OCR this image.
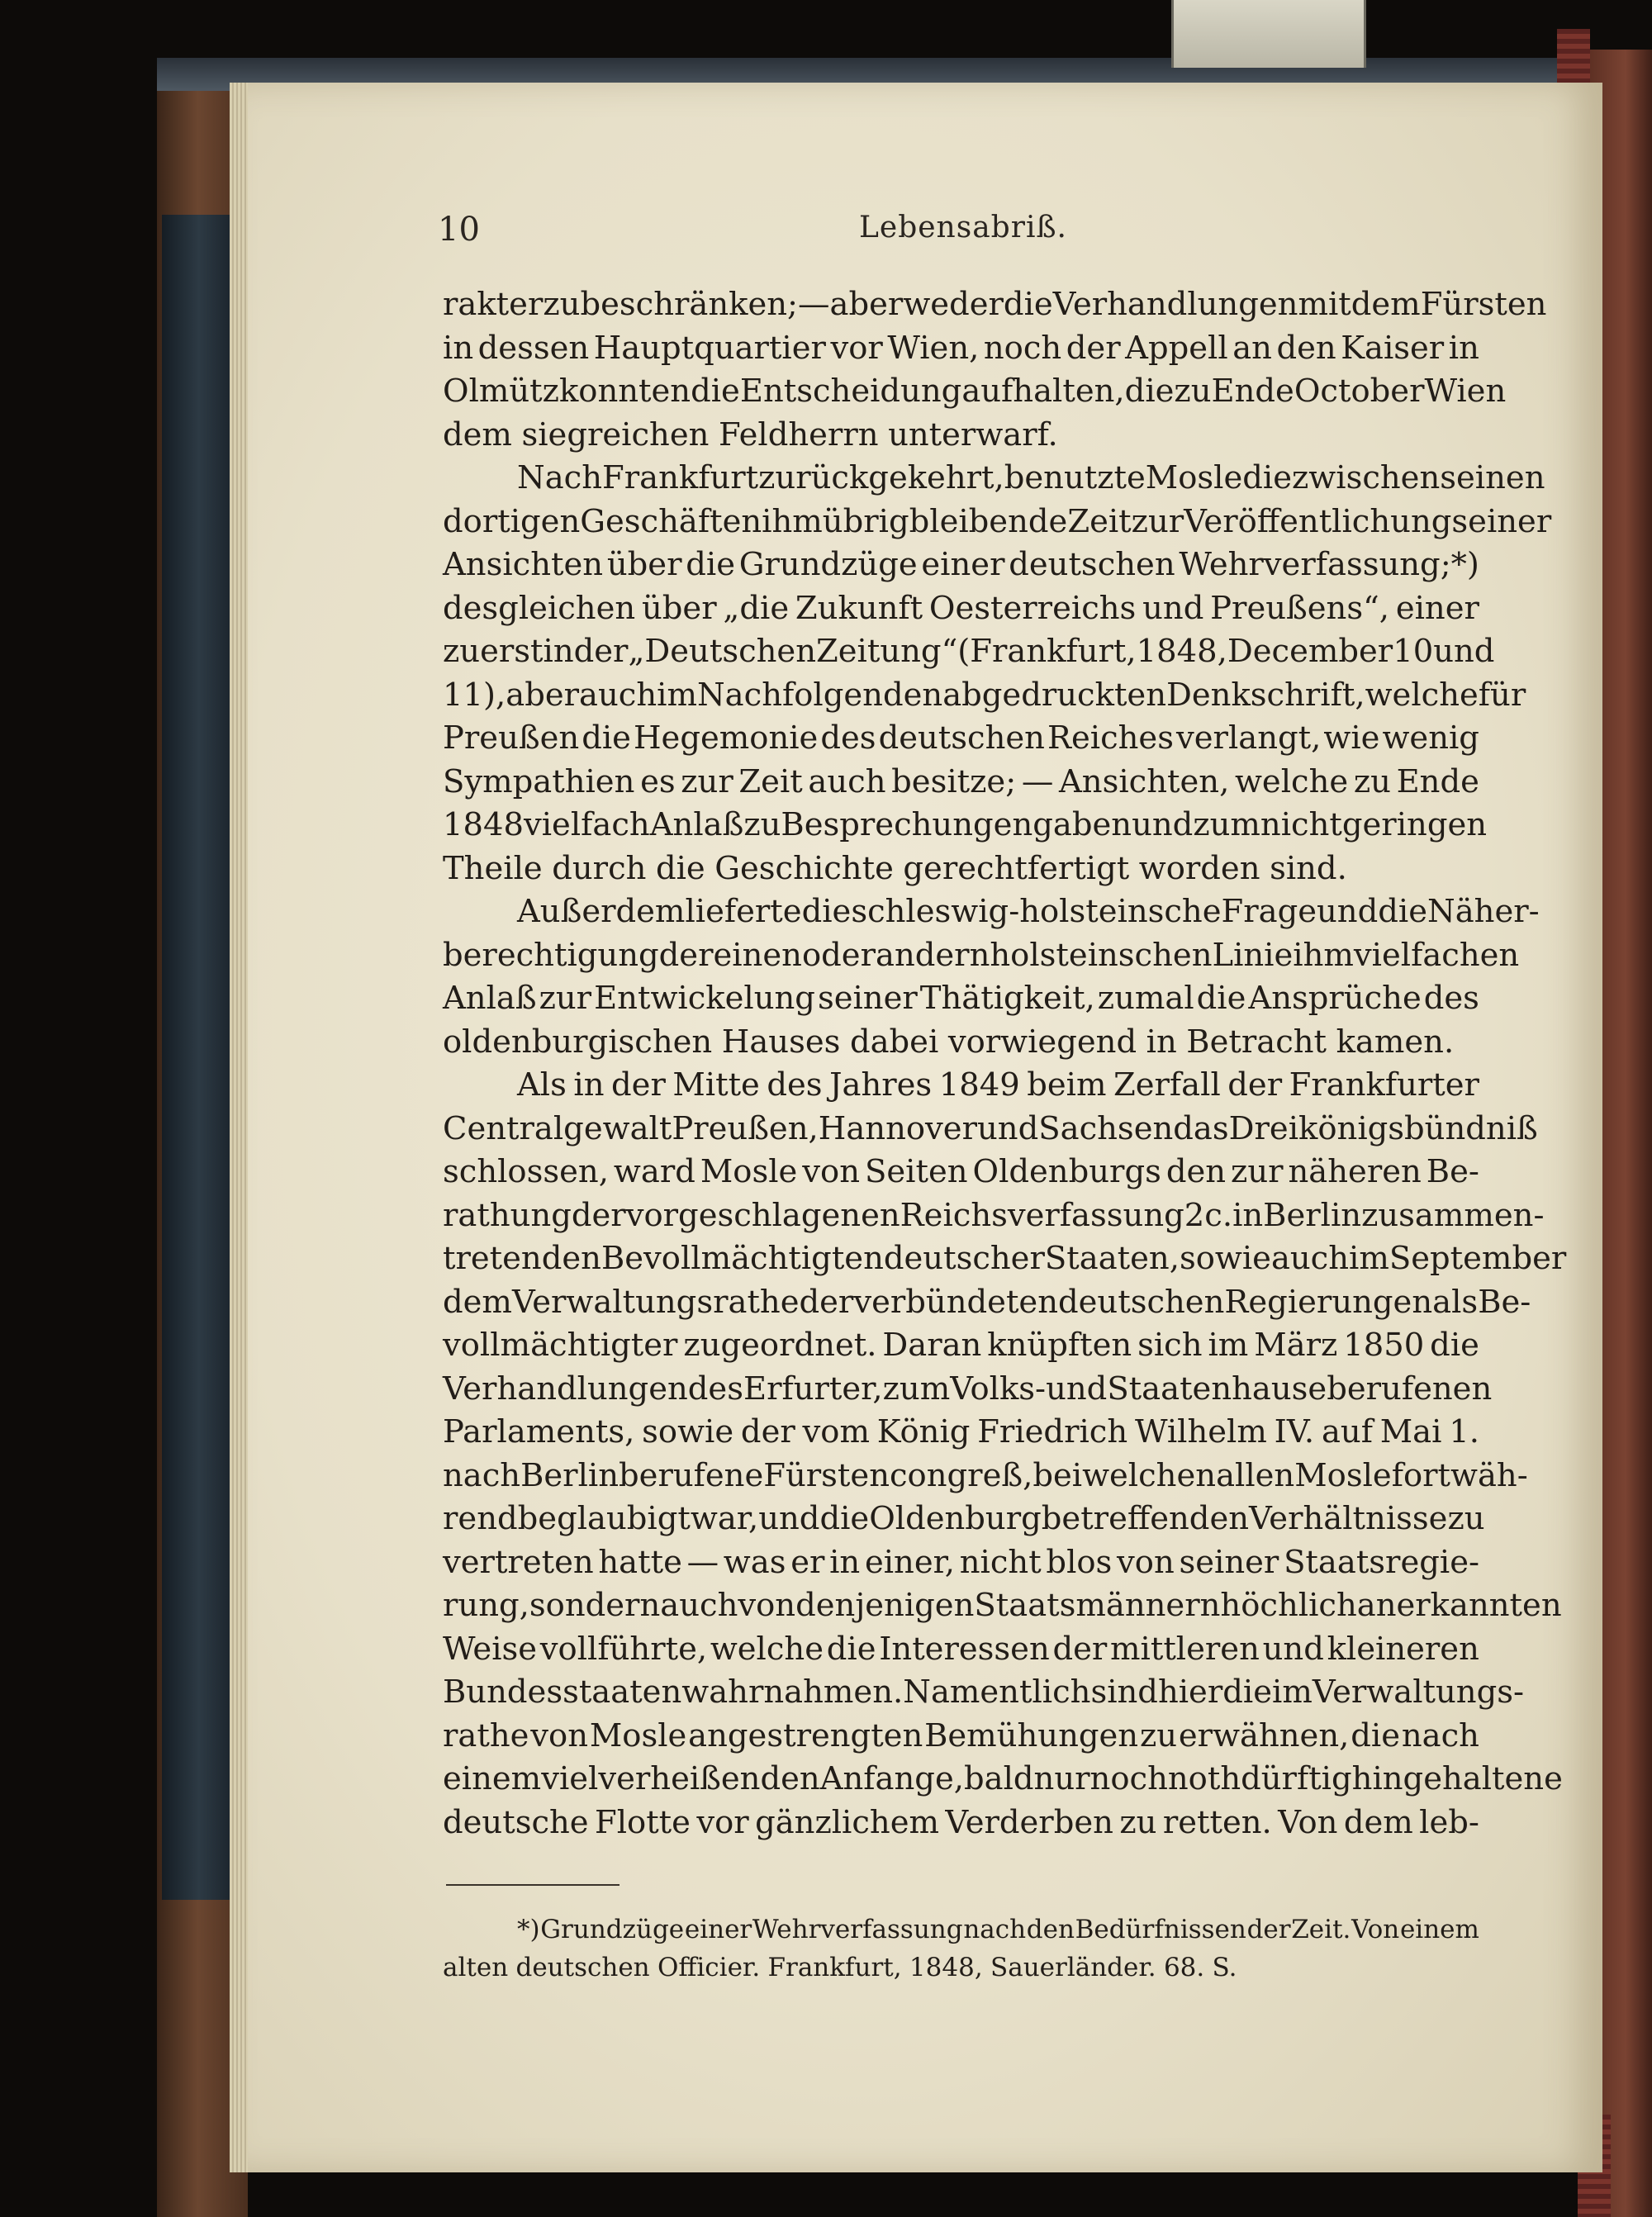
10	Lebensabriß.
rakter zu beschränken; — aber weder die Verhandlungen mit dem Fürsten
in dessen Hauptquartier vor Wien, noch der Appell an den Kaiser in
Olmütz konnten die Entscheidung aufhalten, die zu Ende October Wien
dem siegreichen Feldherrn unterwarf.
Nach Frankfurt zurückgekehrt, benutzte Mosle die zwischen seinen
dortigen Geschäften ihm übrig bleibende Zeit zur Veröffentlichung seiner
Ansichten über die Grundzüge einer deutschen Wehrverfassung;*)
desgleichen über „die Zukunft Oesterreichs und Preußens“, einer
zuerst in der „Deutschen Zeitung“ (Frankfurt, 1848, December 10 und
11), aber auch im Nachfolgenden abgedruckten Denkschrift, welche für
Preußen die Hegemonie des deutschen Reiches verlangt, wie wenig
Sympathien es zur Zeit auch besitze; — Ansichten, welche zu Ende
1848 vielfach Anlaß zu Besprechungen gaben und zum nicht geringen
Theile durch die Geschichte gerechtfertigt worden sind.
Außerdem lieferte die schleswig-holsteinsche Frage und die Näher-
berechtigung der einen oder andern holsteinschen Linie ihm vielfachen
Anlaß zur Entwickelung seiner Thätigkeit, zumal die Ansprüche des
oldenburgischen Hauses dabei vorwiegend in Betracht kamen.
Als in der Mitte des Jahres 1849 beim Zerfall der Frankfurter
Centralgewalt Preußen, Hannover und Sachsen das Dreikönigsbündniß
schlossen, ward Mosle von Seiten Oldenburgs den zur näheren Be-
rathung der vorgeschlagenen Reichsverfassung 2c. in Berlin zusammen-
tretenden Bevollmächtigten deutscher Staaten, sowie auch im September
dem Verwaltungsrathe der verbündeten deutschen Regierungen als Be-
vollmächtigter zugeordnet. Daran knüpften sich im März 1850 die
Verhandlungen des Erfurter, zum Volks- und Staatenhause berufenen
Parlaments, sowie der vom König Friedrich Wilhelm IV. auf Mai 1.
nach Berlin berufene Fürstencongreß, bei welchen allen Mosle fortwäh-
rend beglaubigt war, und die Oldenburg betreffenden Verhältnisse zu
vertreten hatte — was er in einer, nicht blos von seiner Staatsregie-
rung, sondern auch von denjenigen Staatsmännern höchlich anerkannten
Weise vollführte, welche die Interessen der mittleren und kleineren
Bundesstaaten wahrnahmen. Namentlich sind hier die im Verwaltungs-
rathe von Mosle angestrengten Bemühungen zu erwähnen, die nach
einem vielverheißenden Anfange, bald nur noch nothdürftig hingehaltene
deutsche Flotte vor gänzlichem Verderben zu retten. Von dem leb-
*) Grundzüge einer Wehrverfassung nach den Bedürfnissen der Zeit. Von einem
alten deutschen Officier. Frankfurt, 1848, Sauerländer. 68. S.
